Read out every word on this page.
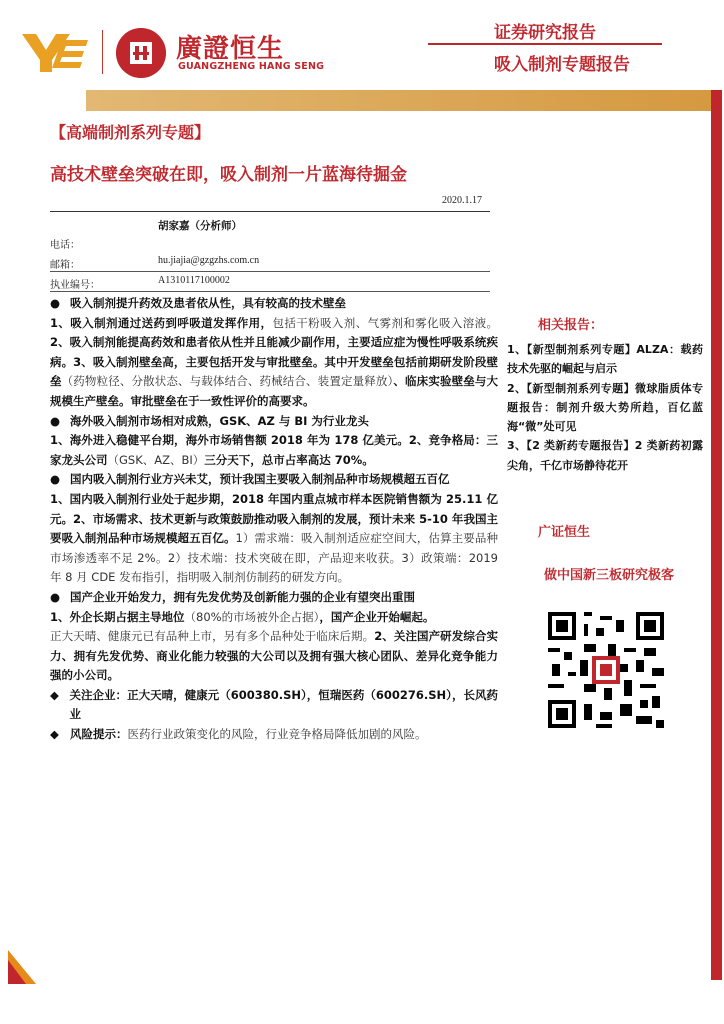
廣證恒生
GUANGZHENG HANG SENG
证券研究报告
吸入制剂专题报告
【高端制剂系列专题】
高技术壁垒突破在即，吸入制剂一片蓝海待掘金
2020.1.17
胡家嘉（分析师）
电话：
邮箱：	hu.jiajia@gzgzhs.com.cn
执业编号：	A1310117100002

● 吸入制剂提升药效及患者依从性，具有较高的技术壁垒

1、吸入制剂通过送药到呼吸道发挥作用，包括干粉吸入剂、气雾剂和雾化吸入溶液。2、吸入制剂能提高药效和患者依从性并且能减少副作用，主要适应症为慢性呼吸系统疾病。3、吸入制剂壁垒高，主要包括开发与审批壁垒。其中开发壁垒包括前期研发阶段壁垒（药物粒径、分散状态、与载体结合、药械结合、装置定量释放）、临床实验壁垒与大规模生产壁垒。审批壁垒在于一致性评价的高要求。

● 海外吸入制剂市场相对成熟，GSK、AZ 与 BI 为行业龙头

1、海外进入稳健平台期，海外市场销售额 2018 年为 178 亿美元。2、竞争格局：三家龙头公司（GSK、AZ、BI）三分天下，总市占率高达 70%。

● 国内吸入制剂行业方兴未艾，预计我国主要吸入制剂品种市场规模超五百亿

1、国内吸入制剂行业处于起步期，2018 年国内重点城市样本医院销售额为 25.11 亿元。2、市场需求、技术更新与政策鼓励推动吸入制剂的发展，预计未来 5-10 年我国主要吸入制剂品种市场规模超五百亿。1）需求端：吸入制剂适应症空间大，估算主要品种市场渗透率不足 2%。2）技术端：技术突破在即，产品迎来收获。3）政策端：2019 年 8 月 CDE 发布指引，指明吸入制剂仿制药的研发方向。

● 国产企业开始发力，拥有先发优势及创新能力强的企业有望突出重围

1、外企长期占据主导地位（80%的市场被外企占据），国产企业开始崛起。

正大天晴、健康元已有品种上市，另有多个品种处于临床后期。2、关注国产研发综合实力、拥有先发优势、商业化能力较强的大公司以及拥有强大核心团队、差异化竞争能力强的小公司。

◆ 关注企业：正大天晴，健康元（600380.SH），恒瑞医药（600276.SH），长风药业

◆ 风险提示：医药行业政策变化的风险，行业竞争格局降低加剧的风险。

相关报告：

1、【新型制剂系列专题】ALZA：载药技术先驱的崛起与启示

2、【新型制剂系列专题】微球脂质体专题报告：制剂升级大势所趋，百亿蓝海“微”处可见

3、【2 类新药专题报告】2 类新药初露尖角，千亿市场静待花开

广证恒生
做中国新三板研究极客
